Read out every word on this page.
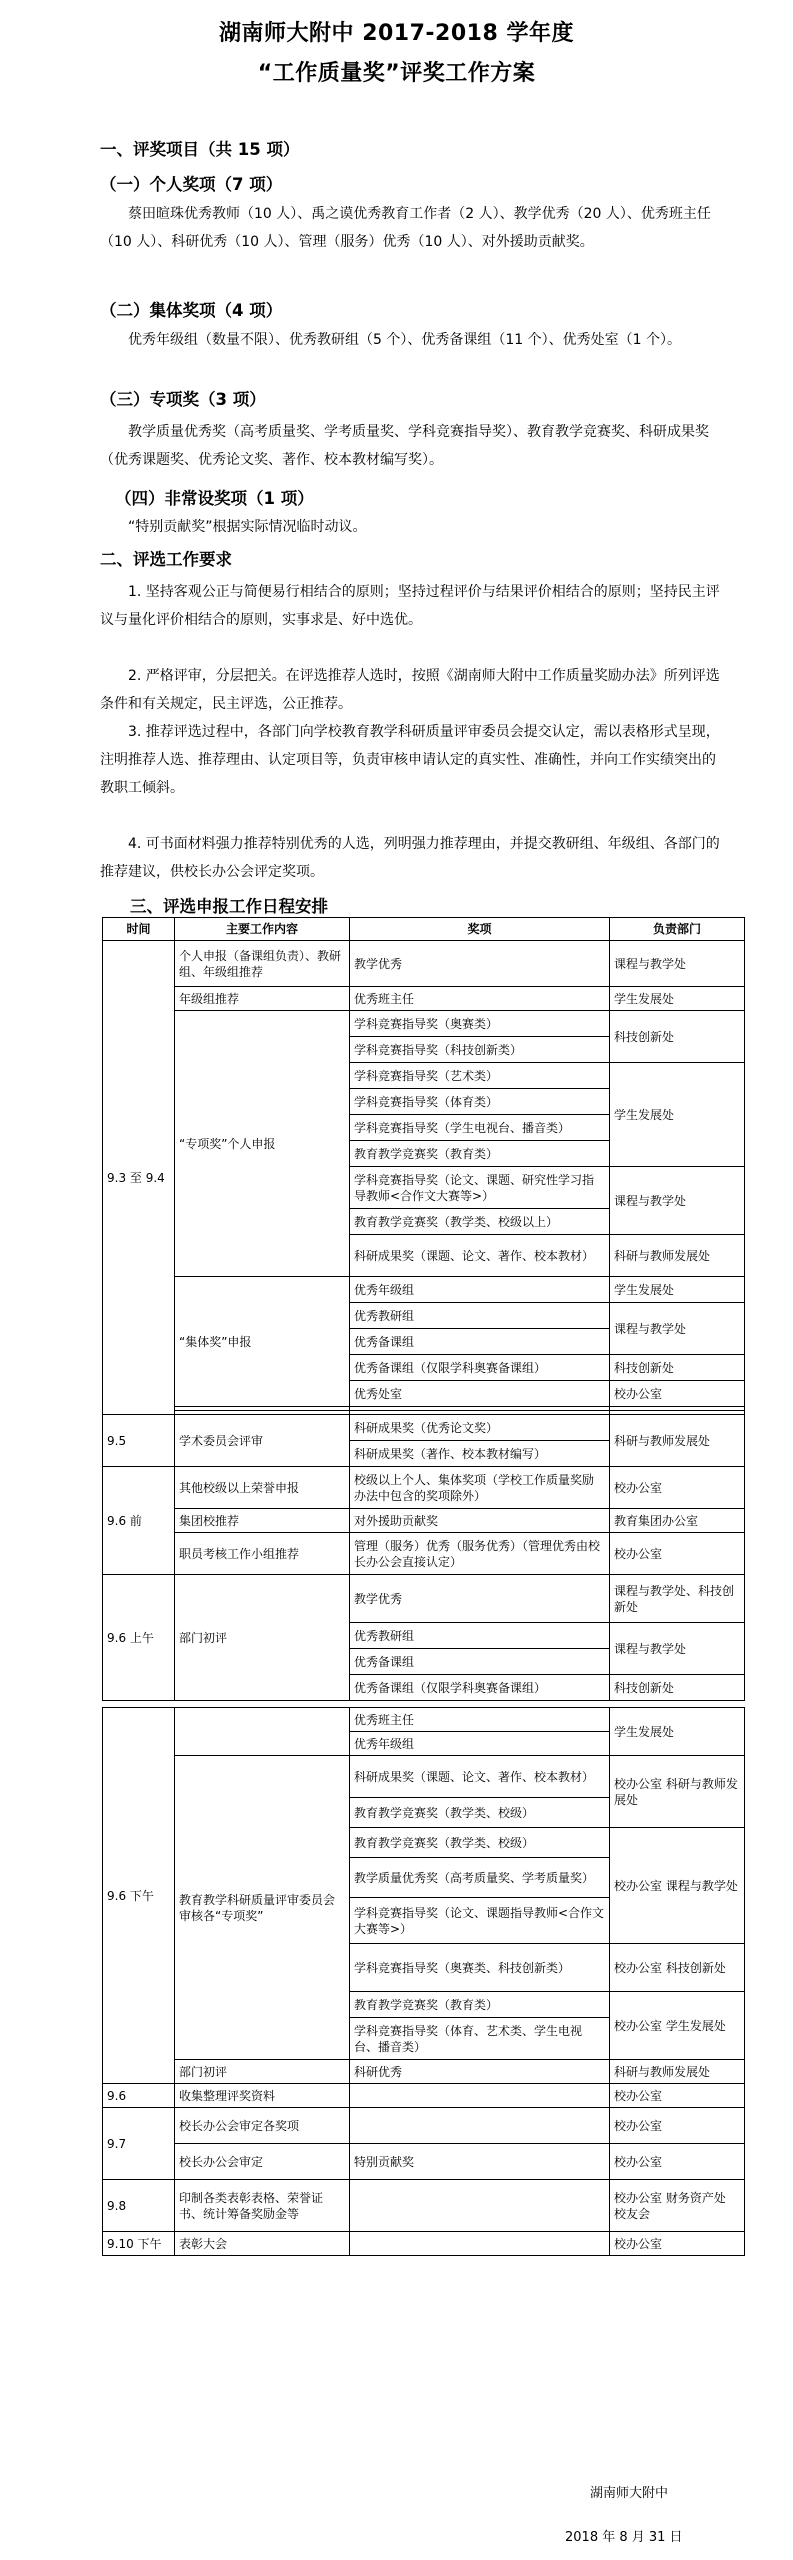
湖南师大附中 2017-2018 学年度
“工作质量奖”评奖工作方案
一、评奖项目（共 15 项）
（一）个人奖项（7 项）
蔡田暄珠优秀教师（10 人）、禹之谟优秀教育工作者（2 人）、教学优秀（20 人）、优秀班主任（10 人）、科研优秀（10 人）、管理（服务）优秀（10 人）、对外援助贡献奖。
（二）集体奖项（4 项）
优秀年级组（数量不限）、优秀教研组（5 个）、优秀备课组（11 个）、优秀处室（1 个）。
（三）专项奖（3 项）
教学质量优秀奖（高考质量奖、学考质量奖、学科竞赛指导奖）、教育教学竞赛奖、科研成果奖（优秀课题奖、优秀论文奖、著作、校本教材编写奖）。
（四）非常设奖项（1 项）
“特别贡献奖”根据实际情况临时动议。
二、评选工作要求
1. 坚持客观公正与简便易行相结合的原则；坚持过程评价与结果评价相结合的原则；坚持民主评议与量化评价相结合的原则，实事求是、好中选优。
2. 严格评审，分层把关。在评选推荐人选时，按照《湖南师大附中工作质量奖励办法》所列评选条件和有关规定，民主评选，公正推荐。
3. 推荐评选过程中，各部门向学校教育教学科研质量评审委员会提交认定，需以表格形式呈现，注明推荐人选、推荐理由、认定项目等，负责审核申请认定的真实性、准确性，并向工作实绩突出的教职工倾斜。
4. 可书面材料强力推荐特别优秀的人选，列明强力推荐理由，并提交教研组、年级组、各部门的推荐建议，供校长办公会评定奖项。
三、评选申报工作日程安排
时间	主要工作内容	奖项	负责部门
9.3 至 9.4	个人申报（备课组负责）、教研组、年级组推荐	教学优秀	课程与教学处
	年级组推荐	优秀班主任	学生发展处
	“专项奖”个人申报	学科竞赛指导奖（奥赛类）	科技创新处
		学科竞赛指导奖（科技创新类）	
		学科竞赛指导奖（艺术类）	学生发展处
		学科竞赛指导奖（体育类）	
		学科竞赛指导奖（学生电视台、播音类）	
		教育教学竞赛奖（教育类）	
		学科竞赛指导奖（论文、课题、研究性学习指导教师<合作文大赛等>）	课程与教学处
		教育教学竞赛奖（教学类、校级以上）	
		科研成果奖（课题、论文、著作、校本教材）	科研与教师发展处
	“集体奖”申报	优秀年级组	学生发展处
		优秀教研组	课程与教学处
		优秀备课组	
		优秀备课组（仅限学科奥赛备课组）	科技创新处
		优秀处室	校办公室

9.5	学术委员会评审	科研成果奖（优秀论文奖）	科研与教师发展处
		科研成果奖（著作、校本教材编写）	
9.6 前	其他校级以上荣誉申报	校级以上个人、集体奖项（学校工作质量奖励办法中包含的奖项除外）	校办公室
	集团校推荐	对外援助贡献奖	教育集团办公室
	职员考核工作小组推荐	管理（服务）优秀（服务优秀）（管理优秀由校长办公会直接认定）	校办公室
9.6 上午	部门初评	教学优秀	课程与教学处、科技创新处
		优秀教研组	课程与教学处
		优秀备课组	
		优秀备课组（仅限学科奥赛备课组）	科技创新处

9.6 下午		优秀班主任	学生发展处
		优秀年级组	
	教育教学科研质量评审委员会审核各“专项奖”	科研成果奖（课题、论文、著作、校本教材）	校办公室 科研与教师发展处
		教育教学竞赛奖（教学类、校级）	
		教育教学竞赛奖（教学类、校级）	校办公室 课程与教学处
		教学质量优秀奖（高考质量奖、学考质量奖）	
		学科竞赛指导奖（论文、课题指导教师<合作文大赛等>）	
		学科竞赛指导奖（奥赛类、科技创新类）	校办公室 科技创新处
		教育教学竞赛奖（教育类）	校办公室 学生发展处
		学科竞赛指导奖（体育、艺术类、学生电视台、播音类）	
	部门初评	科研优秀	科研与教师发展处
9.6	收集整理评奖资料		校办公室
9.7	校长办公会审定各奖项		校办公室
	校长办公会审定	特别贡献奖	校办公室
9.8	印制各类表彰表格、荣誉证书、统计筹备奖励金等		校办公室 财务资产处 校友会
9.10 下午	表彰大会		校办公室
湖南师大附中
2018 年 8 月 31 日
